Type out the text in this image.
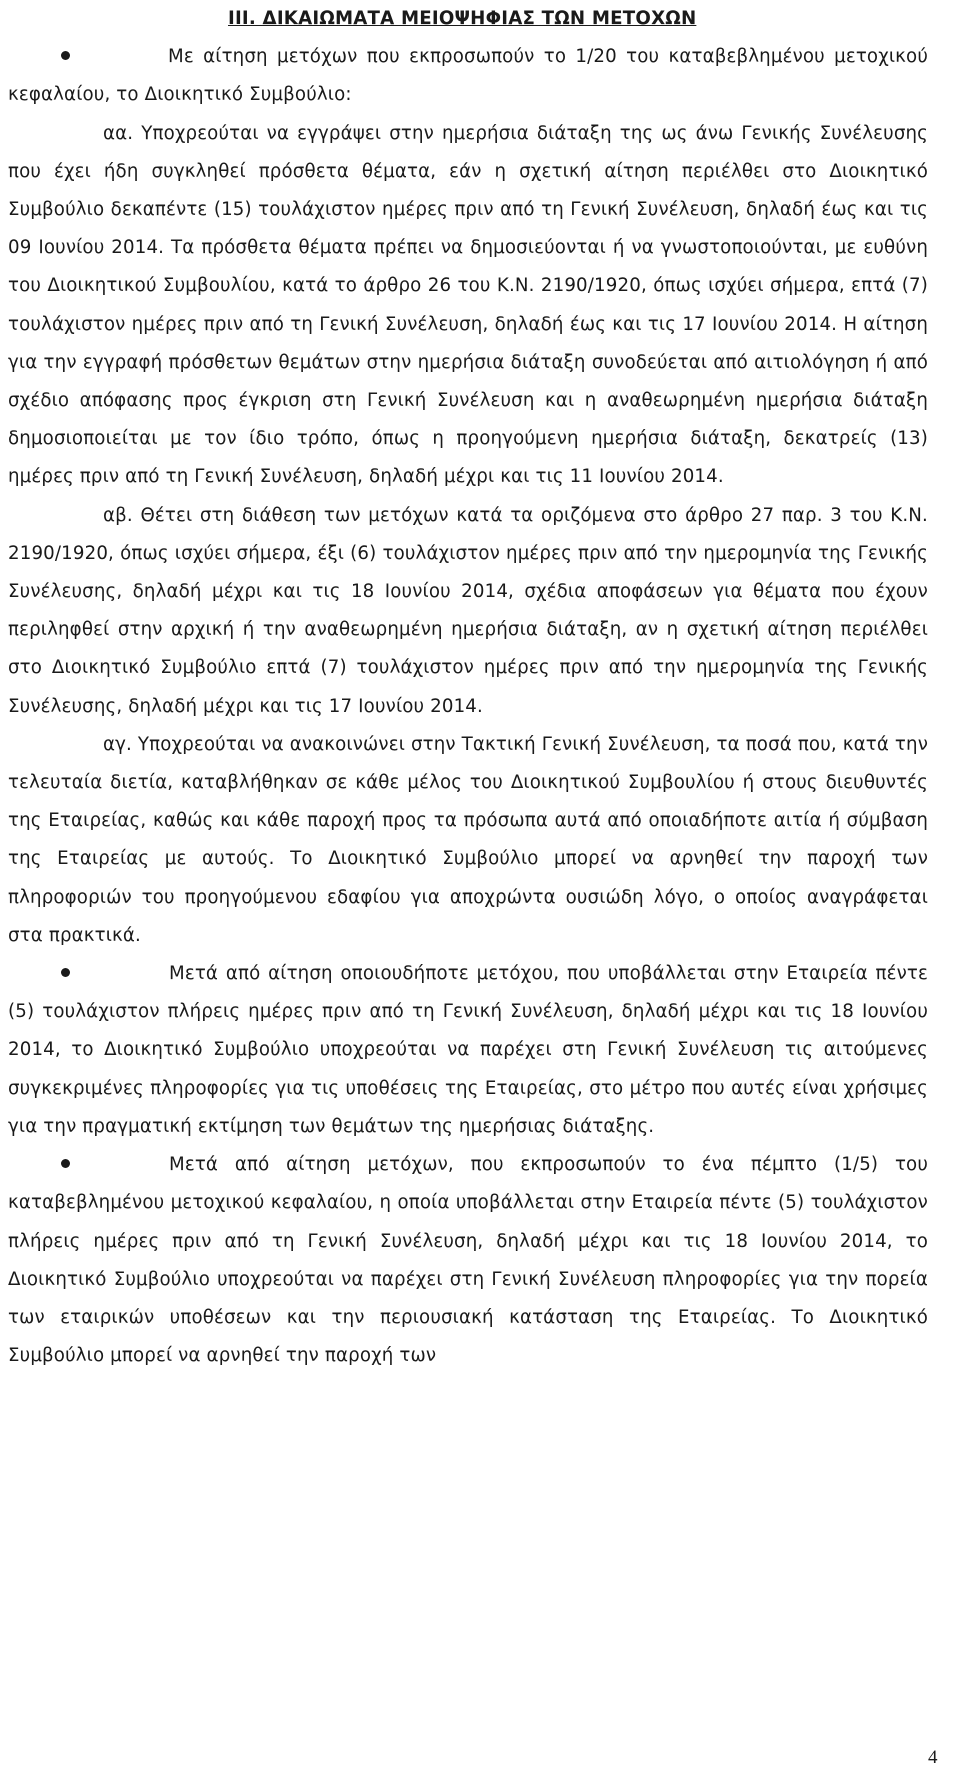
III. ΔΙΚΑΙΩΜΑΤΑ ΜΕΙΟΨΗΦΙΑΣ ΤΩΝ ΜΕΤΟΧΩΝ

Με αίτηση μετόχων που εκπροσωπούν το 1/20 του καταβεβλημένου μετοχικού κεφαλαίου, το Διοικητικό Συμβούλιο:

αα. Υποχρεούται να εγγράψει στην ημερήσια διάταξη της ως άνω Γενικής Συνέλευσης που έχει ήδη συγκληθεί πρόσθετα θέματα, εάν η σχετική αίτηση περιέλθει στο Διοικητικό Συμβούλιο δεκαπέντε (15) τουλάχιστον ημέρες πριν από τη Γενική Συνέλευση, δηλαδή έως και τις 09 Ιουνίου 2014. Τα πρόσθετα θέματα πρέπει να δημοσιεύονται ή να γνωστοποιούνται, με ευθύνη του Διοικητικού Συμβουλίου, κατά το άρθρο 26 του Κ.Ν. 2190/1920, όπως ισχύει σήμερα, επτά (7) τουλάχιστον ημέρες πριν από τη Γενική Συνέλευση, δηλαδή έως και τις 17 Ιουνίου 2014. Η αίτηση για την εγγραφή πρόσθετων θεμάτων στην ημερήσια διάταξη συνοδεύεται από αιτιολόγηση ή από σχέδιο απόφασης προς έγκριση στη Γενική Συνέλευση και η αναθεωρημένη ημερήσια διάταξη δημοσιοποιείται με τον ίδιο τρόπο, όπως η προηγούμενη ημερήσια διάταξη, δεκατρείς (13) ημέρες πριν από τη Γενική Συνέλευση, δηλαδή μέχρι και τις 11 Ιουνίου 2014.

αβ. Θέτει στη διάθεση των μετόχων κατά τα οριζόμενα στο άρθρο 27 παρ. 3 του Κ.Ν. 2190/1920, όπως ισχύει σήμερα, έξι (6) τουλάχιστον ημέρες πριν από την ημερομηνία της Γενικής Συνέλευσης, δηλαδή μέχρι και τις 18 Ιουνίου 2014, σχέδια αποφάσεων για θέματα που έχουν περιληφθεί στην αρχική ή την αναθεωρημένη ημερήσια διάταξη, αν η σχετική αίτηση περιέλθει στο Διοικητικό Συμβούλιο επτά (7) τουλάχιστον ημέρες πριν από την ημερομηνία της Γενικής Συνέλευσης, δηλαδή μέχρι και τις 17 Ιουνίου 2014.

αγ. Υποχρεούται να ανακοινώνει στην Τακτική Γενική Συνέλευση, τα ποσά που, κατά την τελευταία διετία, καταβλήθηκαν σε κάθε μέλος του Διοικητικού Συμβουλίου ή στους διευθυντές της Εταιρείας, καθώς και κάθε παροχή προς τα πρόσωπα αυτά από οποιαδήποτε αιτία ή σύμβαση της Εταιρείας με αυτούς. Το Διοικητικό Συμβούλιο μπορεί να αρνηθεί την παροχή των πληροφοριών του προηγούμενου εδαφίου για αποχρώντα ουσιώδη λόγο, ο οποίος αναγράφεται στα πρακτικά.

Μετά από αίτηση οποιουδήποτε μετόχου, που υποβάλλεται στην Εταιρεία πέντε (5) τουλάχιστον πλήρεις ημέρες πριν από τη Γενική Συνέλευση, δηλαδή μέχρι και τις 18 Ιουνίου 2014, το Διοικητικό Συμβούλιο υποχρεούται να παρέχει στη Γενική Συνέλευση τις αιτούμενες συγκεκριμένες πληροφορίες για τις υποθέσεις της Εταιρείας, στο μέτρο που αυτές είναι χρήσιμες για την πραγματική εκτίμηση των θεμάτων της ημερήσιας διάταξης.

Μετά από αίτηση μετόχων, που εκπροσωπούν το ένα πέμπτο (1/5) του καταβεβλημένου μετοχικού κεφαλαίου, η οποία υποβάλλεται στην Εταιρεία πέντε (5) τουλάχιστον πλήρεις ημέρες πριν από τη Γενική Συνέλευση, δηλαδή μέχρι και τις 18 Ιουνίου 2014, το Διοικητικό Συμβούλιο υποχρεούται να παρέχει στη Γενική Συνέλευση πληροφορίες για την πορεία των εταιρικών υποθέσεων και την περιουσιακή κατάσταση της Εταιρείας. Το Διοικητικό Συμβούλιο μπορεί να αρνηθεί την παροχή των

4
